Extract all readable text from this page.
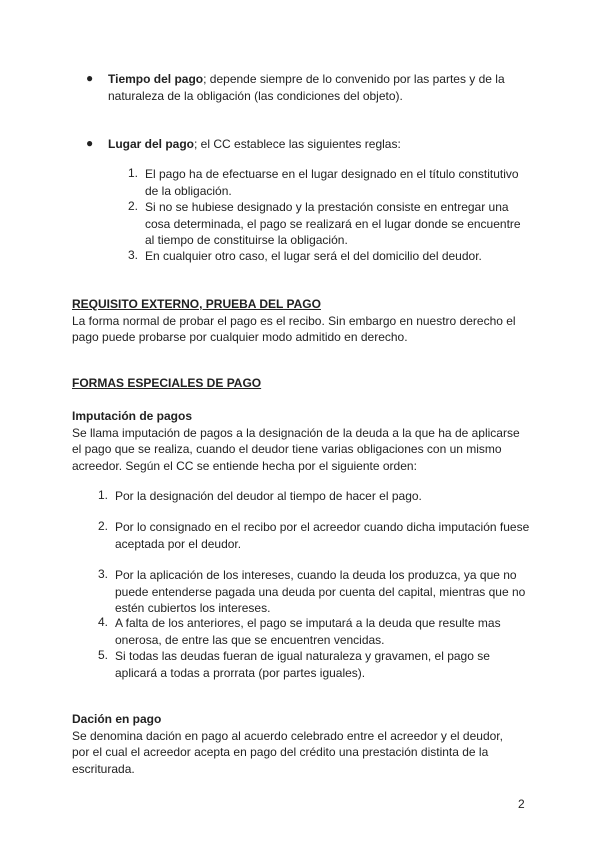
● Tiempo del pago; depende siempre de lo convenido por las partes y de la

naturaleza de la obligación (las condiciones del objeto).

● Lugar del pago; el CC establece las siguientes reglas:

1. El pago ha de efectuarse en el lugar designado en el título constitutivo

de la obligación.

2. Si no se hubiese designado y la prestación consiste en entregar una

cosa determinada, el pago se realizará en el lugar donde se encuentre

al tiempo de constituirse la obligación.

3. En cualquier otro caso, el lugar será el del domicilio del deudor.

REQUISITO EXTERNO, PRUEBA DEL PAGO

La forma normal de probar el pago es el recibo. Sin embargo en nuestro derecho el

pago puede probarse por cualquier modo admitido en derecho.

FORMAS ESPECIALES DE PAGO

Imputación de pagos

Se llama imputación de pagos a la designación de la deuda a la que ha de aplicarse

el pago que se realiza, cuando el deudor tiene varias obligaciones con un mismo

acreedor. Según el CC se entiende hecha por el siguiente orden:

1. Por la designación del deudor al tiempo de hacer el pago.

2. Por lo consignado en el recibo por el acreedor cuando dicha imputación fuese

aceptada por el deudor.

3. Por la aplicación de los intereses, cuando la deuda los produzca, ya que no

puede entenderse pagada una deuda por cuenta del capital, mientras que no

estén cubiertos los intereses.

4. A falta de los anteriores, el pago se imputará a la deuda que resulte mas

onerosa, de entre las que se encuentren vencidas.

5. Si todas las deudas fueran de igual naturaleza y gravamen, el pago se

aplicará a todas a prorrata (por partes iguales).

Dación en pago

Se denomina dación en pago al acuerdo celebrado entre el acreedor y el deudor,

por el cual el acreedor acepta en pago del crédito una prestación distinta de la

escriturada.

2
